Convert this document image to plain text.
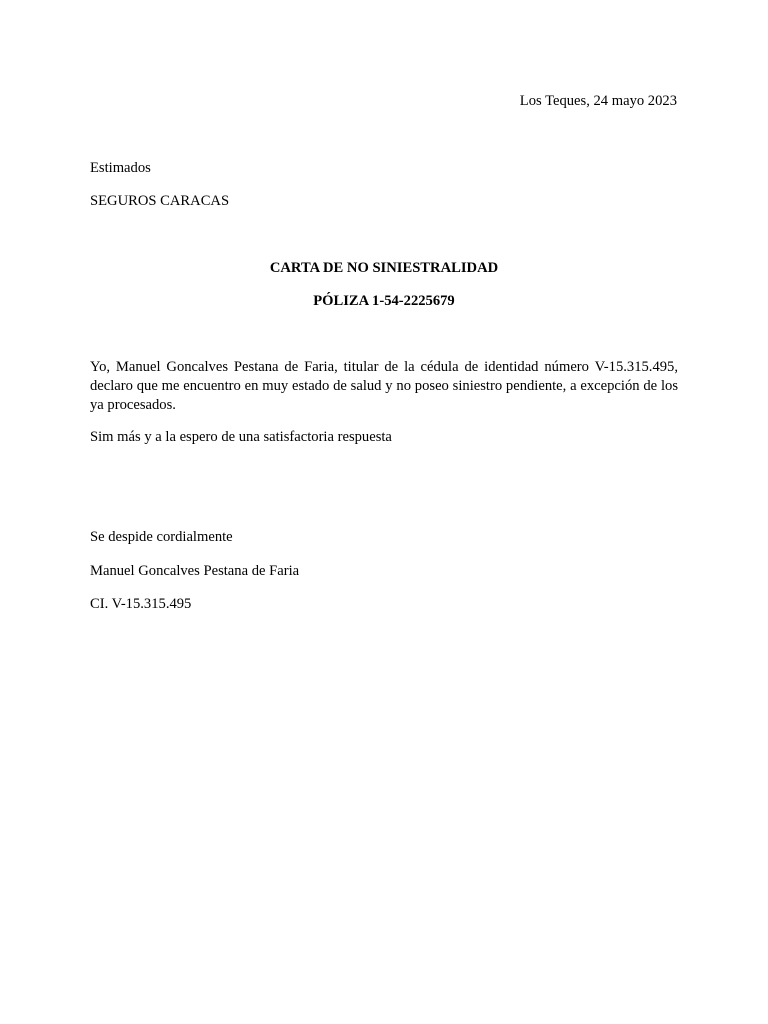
Los Teques, 24 mayo 2023

Estimados

SEGUROS CARACAS

CARTA DE NO SINIESTRALIDAD

PÓLIZA 1-54-2225679

Yo, Manuel Goncalves Pestana de Faria, titular de la cédula de identidad número V-15.315.495, declaro que me encuentro en muy estado de salud y no poseo siniestro pendiente, a excepción de los ya procesados.

Sim más y a la espero de una satisfactoria respuesta

Se despide cordialmente

Manuel Goncalves Pestana de Faria

CI. V-15.315.495
